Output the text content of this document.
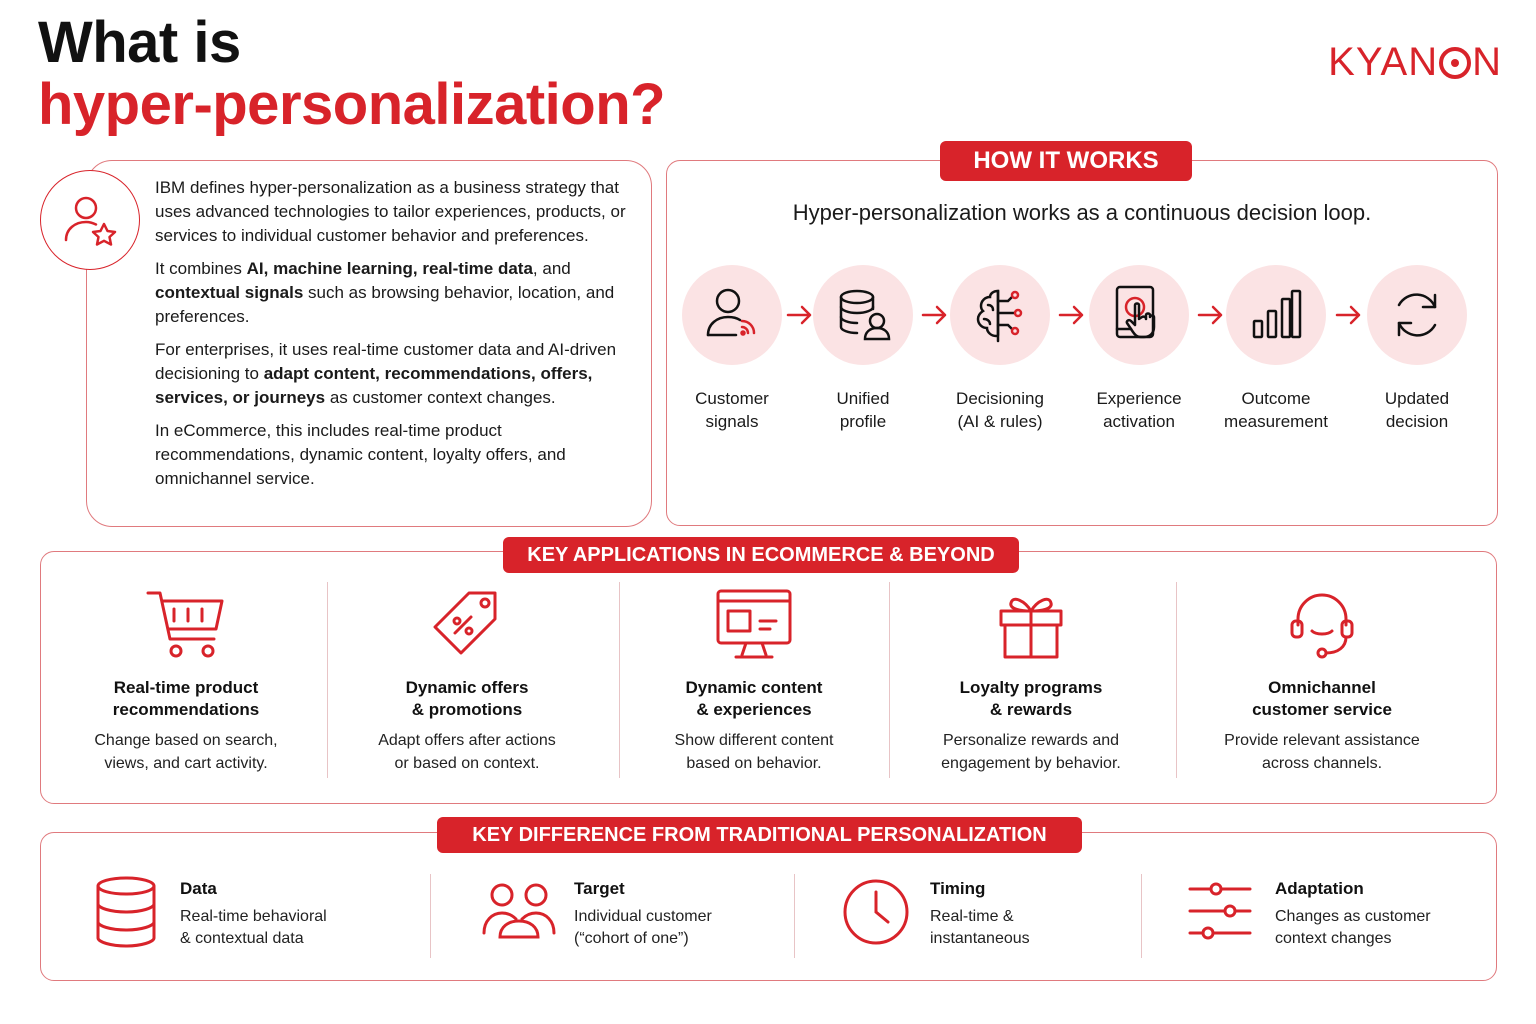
What is
hyper-personalization?
KYAN N

IBM defines hyper-personalization as a business strategy that uses advanced technologies to tailor experiences, products, or services to individual customer behavior and preferences.

It combines AI, machine learning, real-time data, and contextual signals such as browsing behavior, location, and preferences.

For enterprises, it uses real-time customer data and AI-driven decisioning to adapt content, recommendations, offers, services, or journeys as customer context changes.

In eCommerce, this includes real-time product recommendations, dynamic content, loyalty offers, and omnichannel service.

HOW IT WORKS
Hyper-personalization works as a continuous decision loop.
Customer
signals
Unified
profile
Decisioning
(AI & rules)
Experience
activation
Outcome
measurement
Updated
decision
KEY APPLICATIONS IN ECOMMERCE & BEYOND
Real-time product
recommendations
Change based on search,
views, and cart activity.
Dynamic offers
& promotions
Adapt offers after actions
or based on context.
Dynamic content
& experiences
Show different content
based on behavior.
Loyalty programs
& rewards
Personalize rewards and
engagement by behavior.
Omnichannel
customer service
Provide relevant assistance
across channels.
KEY DIFFERENCE FROM TRADITIONAL PERSONALIZATION
Data
Real-time behavioral
& contextual data
Target
Individual customer
(“cohort of one”)
Timing
Real-time &
instantaneous
Adaptation
Changes as customer
context changes
